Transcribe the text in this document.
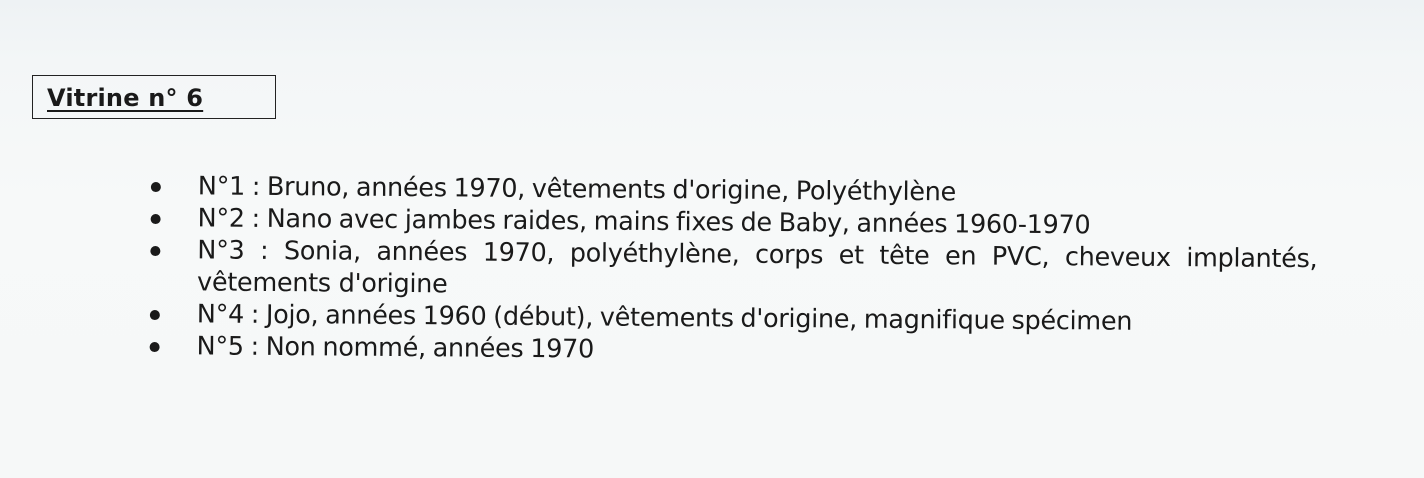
Vitrine n° 6
N°1 : Bruno, années 1970, vêtements d'origine, Polyéthylène
N°2 : Nano avec jambes raides, mains fixes de Baby, années 1960-1970
N°3 : Sonia, années 1970, polyéthylène, corps et tête en PVC, cheveux implantés, vêtements d'origine
N°4 : Jojo, années 1960 (début), vêtements d'origine, magnifique spécimen
N°5 : Non nommé, années 1970
